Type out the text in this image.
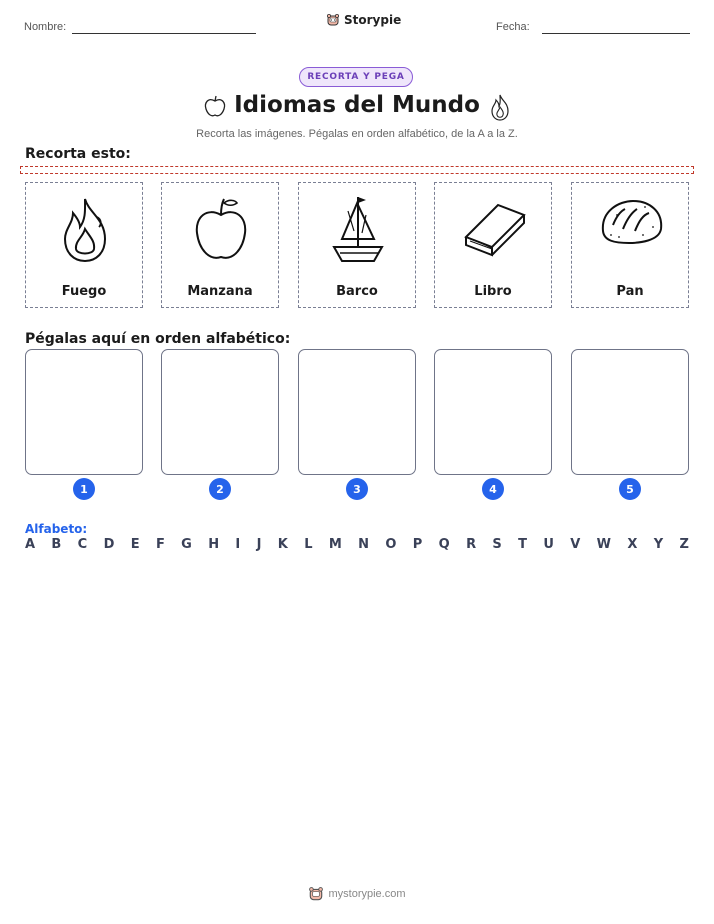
Nombre:	Storypie	Fecha:
RECORTA Y PEGA
Idiomas del Mundo
Recorta las imágenes. Pégalas en orden alfabético, de la A a la Z.
Recorta esto:
Fuego	Manzana	Barco	Libro	Pan
Pégalas aquí en orden alfabético:
1	2	3	4	5
Alfabeto:
A B C D E F G H I J K L M N O P Q R S T U V W X Y Z
mystorypie.com
